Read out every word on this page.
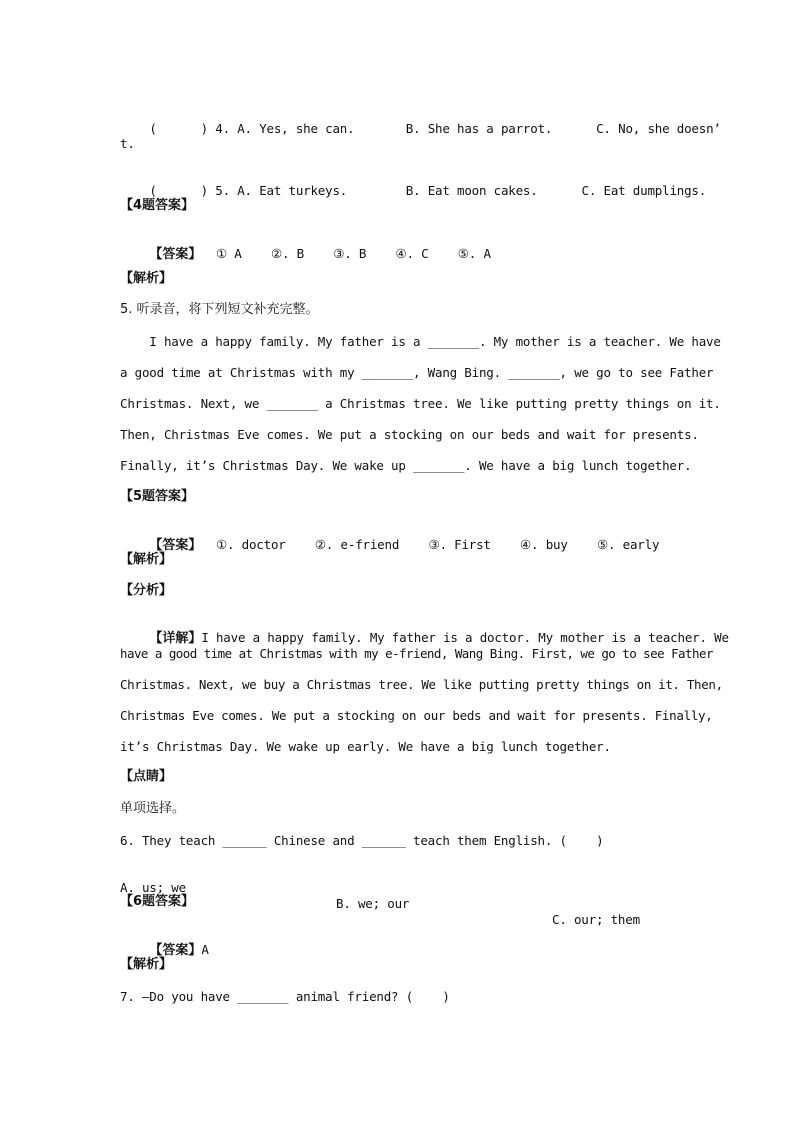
(      ) 4. A. Yes, she can.       B. She has a parrot.      C. No, she doesn’

t.

(      ) 5. A. Eat turkeys.        B. Eat moon cakes.      C. Eat dumplings.

【4题答案】

【答案】  ① A    ②. B    ③. B    ④. C    ⑤. A

【解析】
5. 听录音，将下列短文补充完整。
I have a happy family. My father is a _______. My mother is a teacher. We have
a good time at Christmas with my _______, Wang Bing. _______, we go to see Father
Christmas. Next, we _______ a Christmas tree. We like putting pretty things on it.
Then, Christmas Eve comes. We put a stocking on our beds and wait for presents.
Finally, it’s Christmas Day. We wake up _______. We have a big lunch together.
【5题答案】

【答案】  ①. doctor    ②. e-friend    ③. First    ④. buy    ⑤. early

【解析】
【分析】

【详解】I have a happy family. My father is a doctor. My mother is a teacher. We

have a good time at Christmas with my e-friend, Wang Bing. First, we go to see Father
Christmas. Next, we buy a Christmas tree. We like putting pretty things on it. Then,
Christmas Eve comes. We put a stocking on our beds and wait for presents. Finally,
it’s Christmas Day. We wake up early. We have a big lunch together.
【点睛】
单项选择。
6. They teach ______ Chinese and ______ teach them English. (    )

A. us; we

B. we; our

C. our; them

【6题答案】

【答案】A

【解析】
7. —Do you have _______ animal friend? (    )
